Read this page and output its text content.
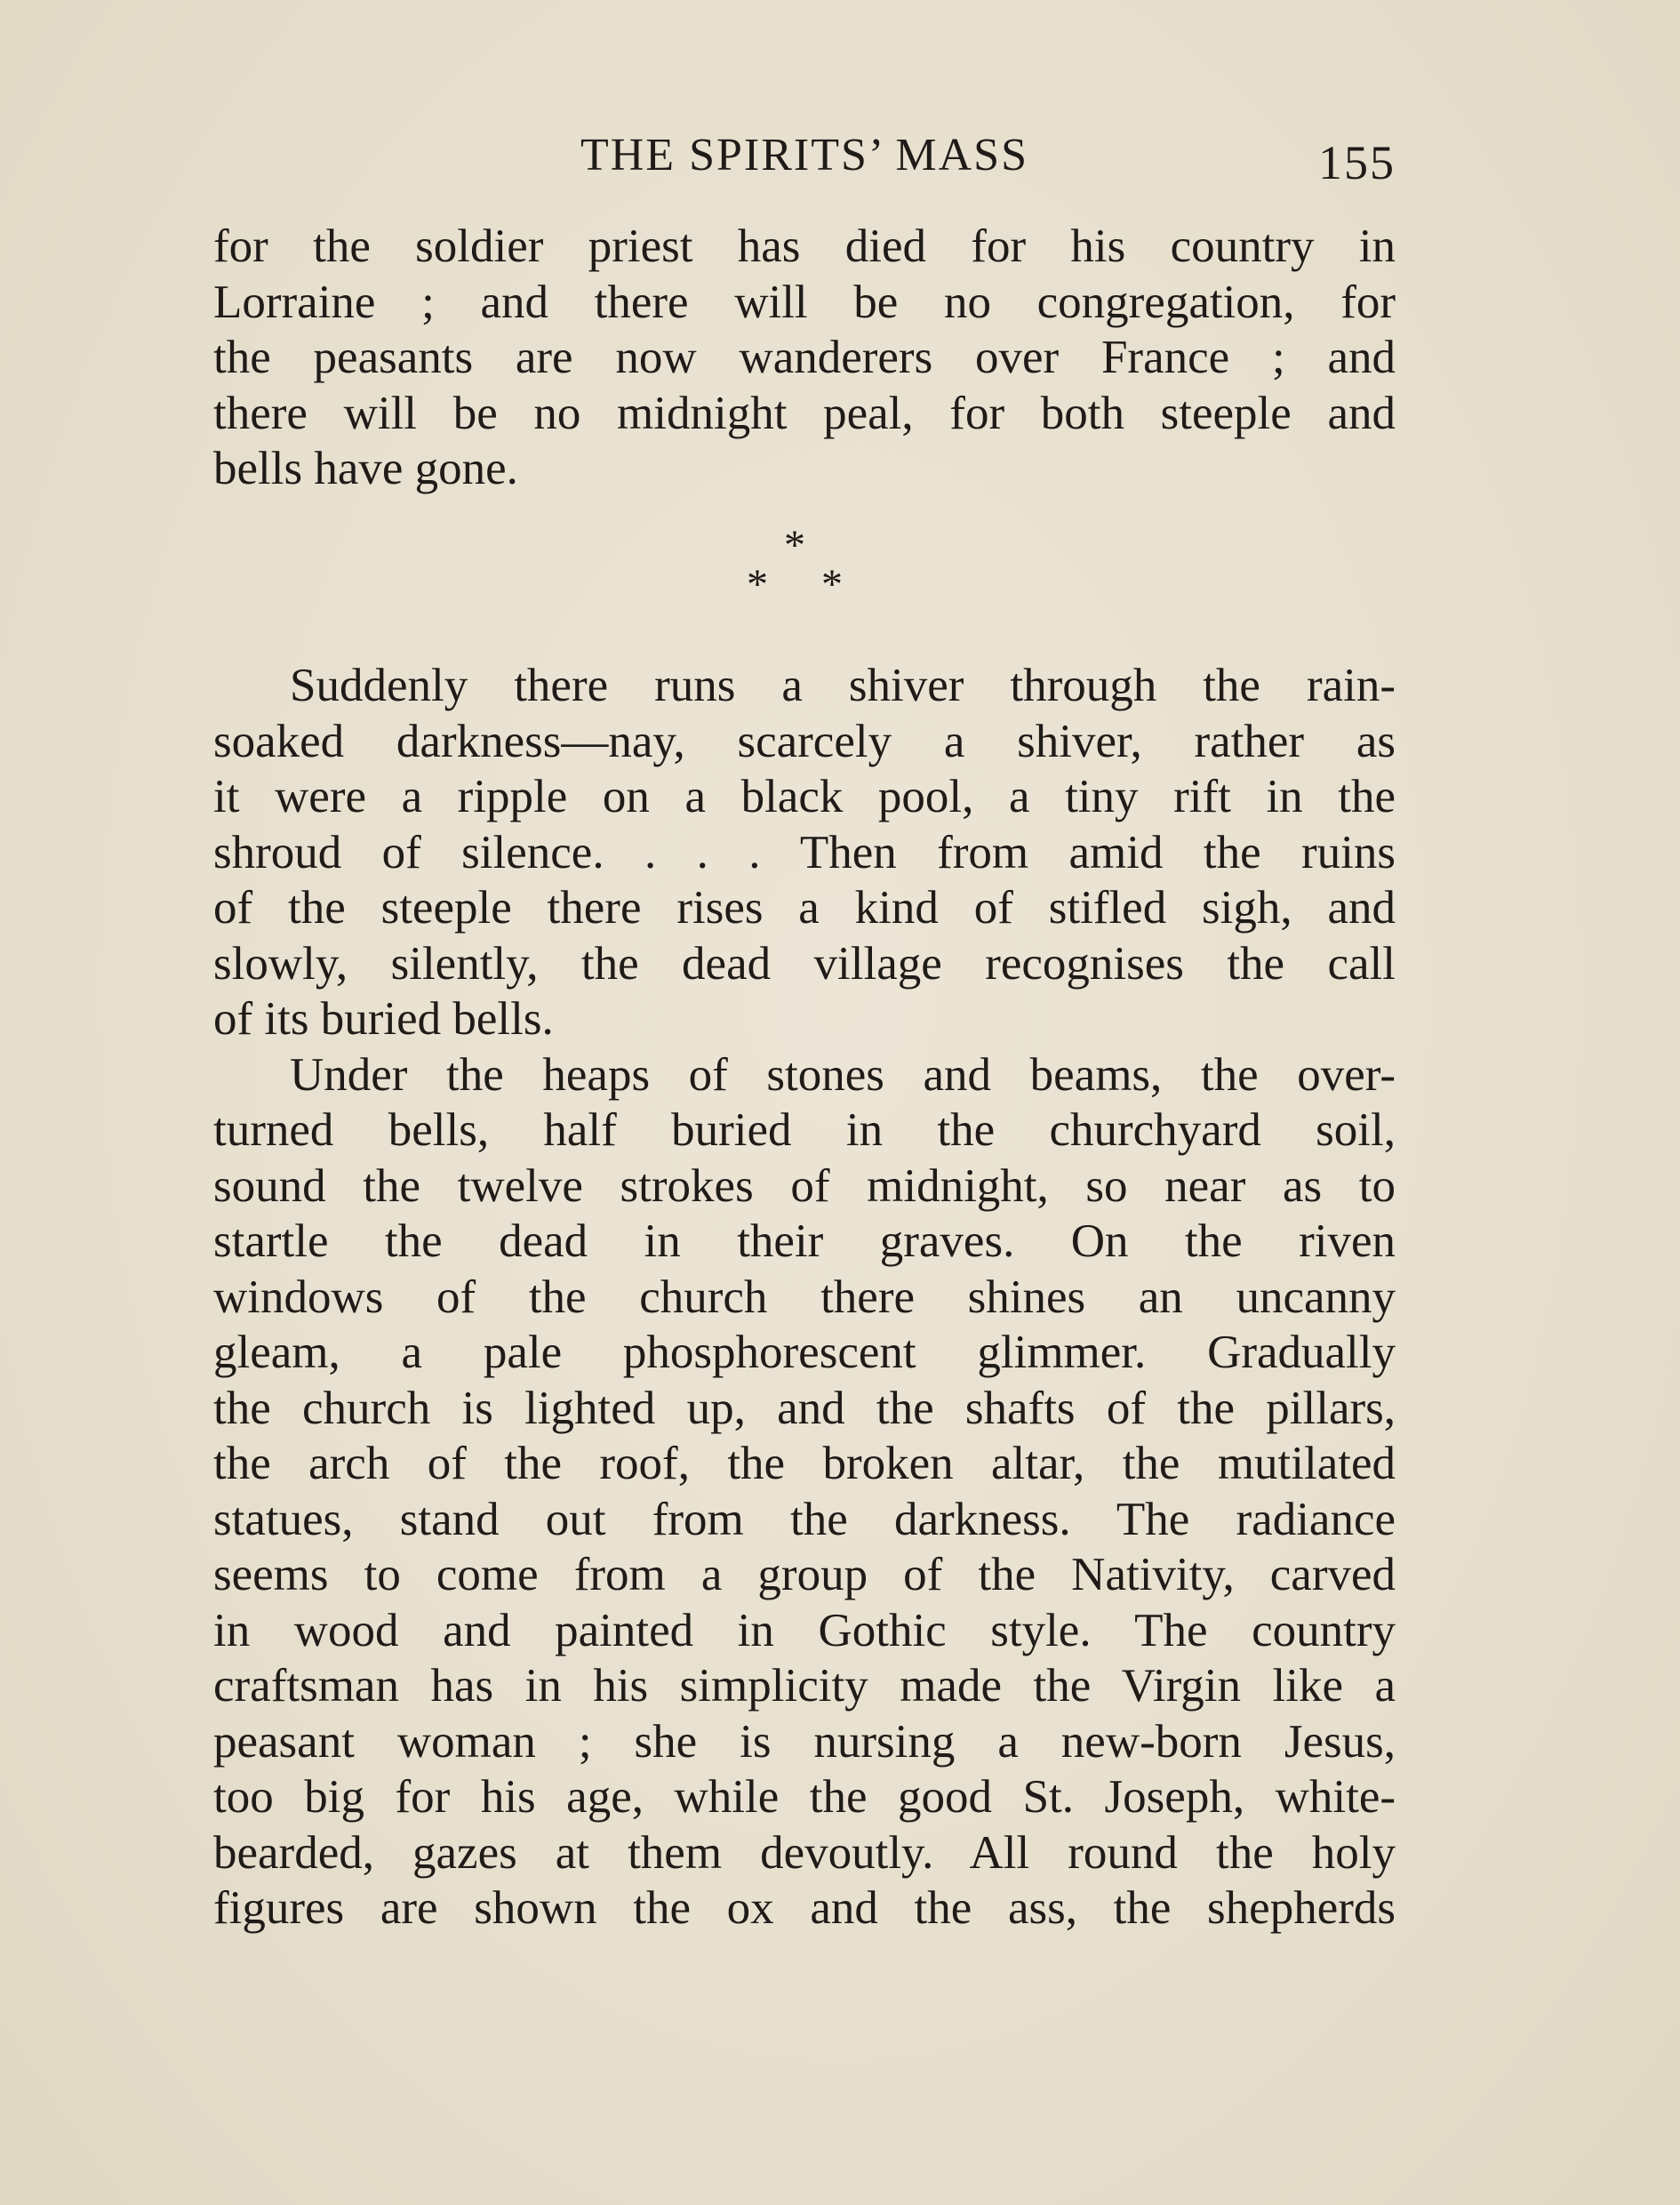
THE SPIRITS’ MASS	155
for the soldier priest has died for his country in
Lorraine ; and there will be no congregation, for
the peasants are now wanderers over France ; and
there will be no midnight peal, for both steeple and
bells have gone.
*
* *
Suddenly there runs a shiver through the rain-
soaked darkness—nay, scarcely a shiver, rather as
it were a ripple on a black pool, a tiny rift in the
shroud of silence. . . . Then from amid the ruins
of the steeple there rises a kind of stifled sigh, and
slowly, silently, the dead village recognises the call
of its buried bells.
Under the heaps of stones and beams, the over-
turned bells, half buried in the churchyard soil,
sound the twelve strokes of midnight, so near as to
startle the dead in their graves. On the riven
windows of the church there shines an uncanny
gleam, a pale phosphorescent glimmer. Gradually
the church is lighted up, and the shafts of the pillars,
the arch of the roof, the broken altar, the mutilated
statues, stand out from the darkness. The radiance
seems to come from a group of the Nativity, carved
in wood and painted in Gothic style. The country
craftsman has in his simplicity made the Virgin like a
peasant woman ; she is nursing a new-born Jesus,
too big for his age, while the good St. Joseph, white-
bearded, gazes at them devoutly. All round the holy
figures are shown the ox and the ass, the shepherds
